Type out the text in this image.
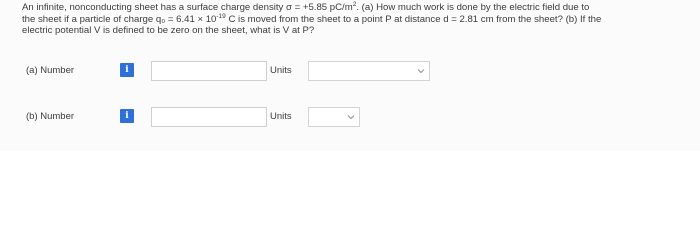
An infinite, nonconducting sheet has a surface charge density σ = +5.85 $pC/m^2$. (a) How much work is done by the electric field due to
the sheet if a particle of charge $q_0 = 6.41 \times 10^{-19}$ C is moved from the sheet to a point P at distance d = 2.81 cm from the sheet? (b) If the
electric potential V is defined to be zero on the sheet, what is V at P?
(a) Number	i	Units
(b) Number	i	Units
